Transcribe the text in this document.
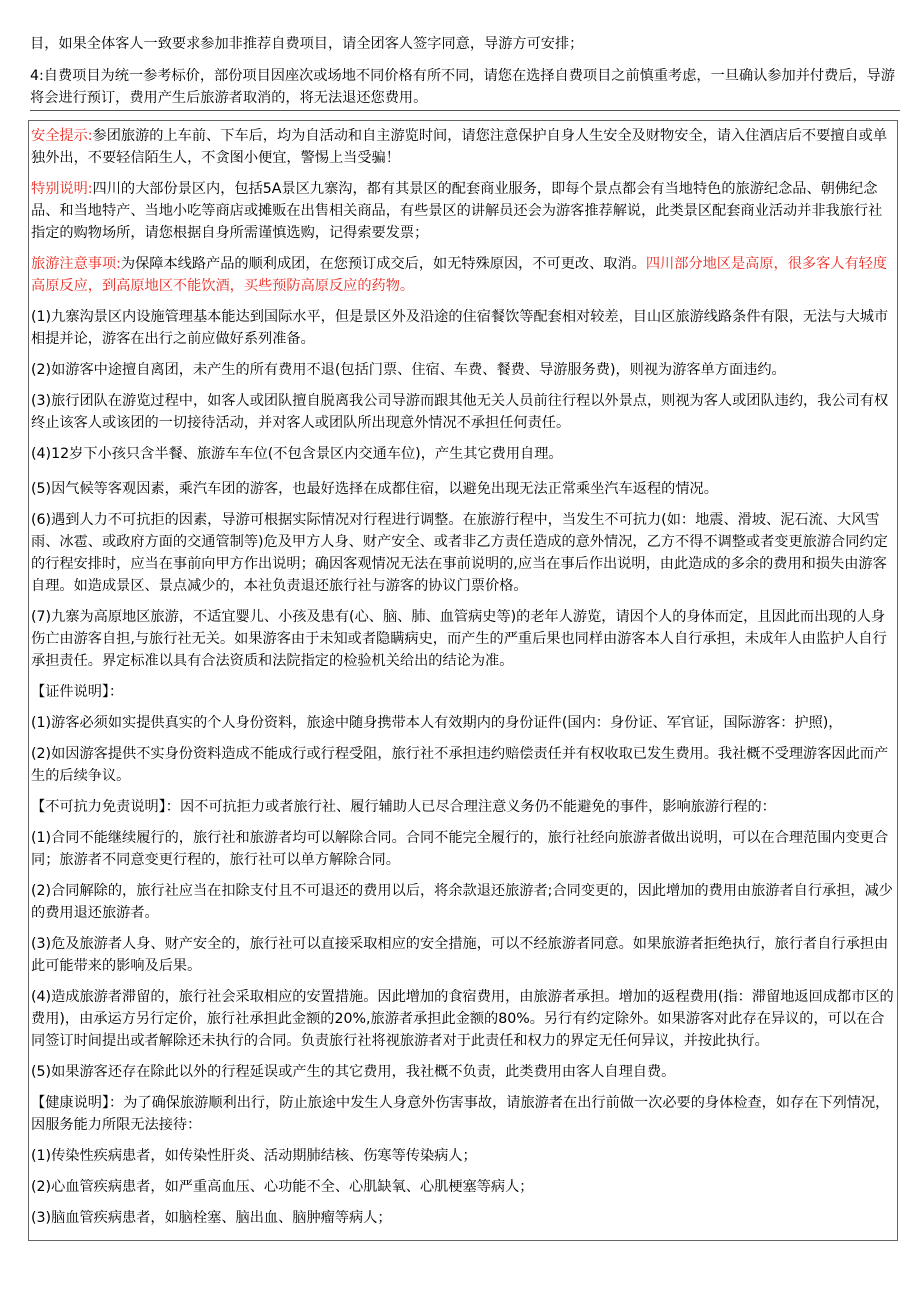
目，如果全体客人一致要求参加非推荐自费项目，请全团客人签字同意，导游方可安排；

4:自费项目为统一参考标价，部份项目因座次或场地不同价格有所不同，请您在选择自费项目之前慎重考虑，一旦确认参加并付费后，导游将会进行预订，费用产生后旅游者取消的，将无法退还您费用。

安全提示:参团旅游的上车前、下车后，均为自活动和自主游览时间，请您注意保护自身人生安全及财物安全，请入住酒店后不要擅自或单独外出，不要轻信陌生人，不贪图小便宜，警惕上当受骗！

特别说明:四川的大部份景区内，包括5A景区九寨沟，都有其景区的配套商业服务，即每个景点都会有当地特色的旅游纪念品、朝佛纪念品、和当地特产、当地小吃等商店或摊贩在出售相关商品，有些景区的讲解员还会为游客推荐解说，此类景区配套商业活动并非我旅行社指定的购物场所，请您根据自身所需谨慎选购，记得索要发票；

旅游注意事项:为保障本线路产品的顺利成团，在您预订成交后，如无特殊原因，不可更改、取消。四川部分地区是高原，很多客人有轻度高原反应，到高原地区不能饮酒，买些预防高原反应的药物。

(1)九寨沟景区内设施管理基本能达到国际水平，但是景区外及沿途的住宿餐饮等配套相对较差，目山区旅游线路条件有限，无法与大城市相提并论，游客在出行之前应做好系列准备。

(2)如游客中途擅自离团，未产生的所有费用不退(包括门票、住宿、车费、餐费、导游服务费)，则视为游客单方面违约。

(3)旅行团队在游览过程中，如客人或团队擅自脱离我公司导游而跟其他无关人员前往行程以外景点，则视为客人或团队违约，我公司有权终止该客人或该团的一切接待活动，并对客人或团队所出现意外情况不承担任何责任。

(4)12岁下小孩只含半餐、旅游车车位(不包含景区内交通车位)，产生其它费用自理。

(5)因气候等客观因素，乘汽车团的游客，也最好选择在成都住宿，以避免出现无法正常乘坐汽车返程的情况。

(6)遇到人力不可抗拒的因素，导游可根据实际情况对行程进行调整。在旅游行程中，当发生不可抗力(如：地震、滑坡、泥石流、大风雪雨、冰雹、或政府方面的交通管制等)危及甲方人身、财产安全、或者非乙方责任造成的意外情况，乙方不得不调整或者变更旅游合同约定的行程安排时，应当在事前向甲方作出说明；确因客观情况无法在事前说明的,应当在事后作出说明，由此造成的多余的费用和损失由游客自理。如造成景区、景点减少的，本社负责退还旅行社与游客的协议门票价格。

(7)九寨为高原地区旅游，不适宜婴儿、小孩及患有(心、脑、肺、血管病史等)的老年人游览，请因个人的身体而定，且因此而出现的人身伤亡由游客自担,与旅行社无关。如果游客由于未知或者隐瞒病史，而产生的严重后果也同样由游客本人自行承担，未成年人由监护人自行承担责任。界定标准以具有合法资质和法院指定的检验机关给出的结论为准。

【证件说明】：

(1)游客必须如实提供真实的个人身份资料，旅途中随身携带本人有效期内的身份证件(国内：身份证、军官证，国际游客：护照)，

(2)如因游客提供不实身份资料造成不能成行或行程受阻，旅行社不承担违约赔偿责任并有权收取已发生费用。我社概不受理游客因此而产生的后续争议。

【不可抗力免责说明】：因不可抗拒力或者旅行社、履行辅助人已尽合理注意义务仍不能避免的事件，影响旅游行程的：

(1)合同不能继续履行的，旅行社和旅游者均可以解除合同。合同不能完全履行的，旅行社经向旅游者做出说明，可以在合理范围内变更合同；旅游者不同意变更行程的，旅行社可以单方解除合同。

(2)合同解除的，旅行社应当在扣除支付且不可退还的费用以后，将余款退还旅游者;合同变更的，因此增加的费用由旅游者自行承担，减少的费用退还旅游者。

(3)危及旅游者人身、财产安全的，旅行社可以直接采取相应的安全措施，可以不经旅游者同意。如果旅游者拒绝执行，旅行者自行承担由此可能带来的影响及后果。

(4)造成旅游者滞留的，旅行社会采取相应的安置措施。因此增加的食宿费用，由旅游者承担。增加的返程费用(指：滞留地返回成都市区的费用)，由承运方另行定价，旅行社承担此金额的20%,旅游者承担此金额的80%。另行有约定除外。如果游客对此存在异议的，可以在合同签订时间提出或者解除还未执行的合同。负责旅行社将视旅游者对于此责任和权力的界定无任何异议，并按此执行。

(5)如果游客还存在除此以外的行程延误或产生的其它费用，我社概不负责，此类费用由客人自理自费。

【健康说明】：为了确保旅游顺利出行，防止旅途中发生人身意外伤害事故，请旅游者在出行前做一次必要的身体检查，如存在下列情况，因服务能力所限无法接待：

(1)传染性疾病患者，如传染性肝炎、活动期肺结核、伤寒等传染病人；

(2)心血管疾病患者，如严重高血压、心功能不全、心肌缺氧、心肌梗塞等病人；

(3)脑血管疾病患者，如脑栓塞、脑出血、脑肿瘤等病人；
